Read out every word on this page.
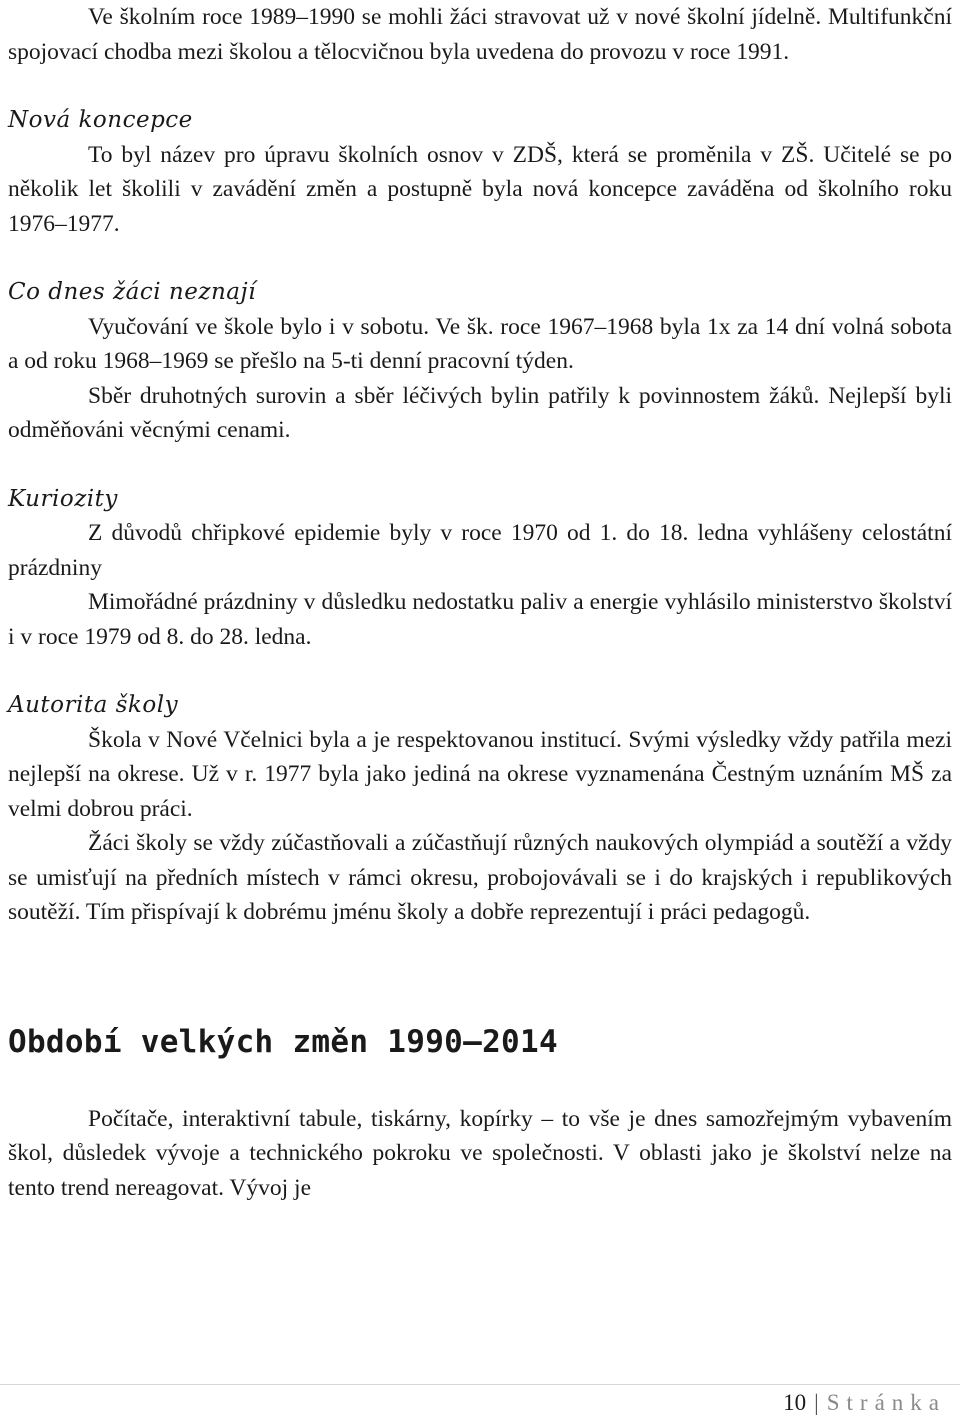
Ve školním roce 1989–1990 se mohli žáci stravovat už v nové školní jídelně. Multifunkční spojovací chodba mezi školou a tělocvičnou byla uvedena do provozu v roce 1991.

Nová koncepce

To byl název pro úpravu školních osnov v ZDŠ, která se proměnila v ZŠ. Učitelé se po několik let školili v zavádění změn a postupně byla nová koncepce zaváděna od školního roku 1976–1977.

Co dnes žáci neznají

Vyučování ve škole bylo i v sobotu. Ve šk. roce 1967–1968 byla 1x za 14 dní volná sobota a od roku 1968–1969 se přešlo na 5-ti denní pracovní týden.

Sběr druhotných surovin a sběr léčivých bylin patřily k povinnostem žáků. Nejlepší byli odměňováni věcnými cenami.

Kuriozity

Z důvodů chřipkové epidemie byly v roce 1970 od 1. do 18. ledna vyhlášeny celostátní prázdniny

Mimořádné prázdniny v důsledku nedostatku paliv a energie vyhlásilo ministerstvo školství i v roce 1979 od 8. do 28. ledna.

Autorita školy

Škola v Nové Včelnici byla a je respektovanou institucí. Svými výsledky vždy patřila mezi nejlepší na okrese. Už v r. 1977 byla jako jediná na okrese vyznamenána Čestným uznáním MŠ za velmi dobrou práci.

Žáci školy se vždy zúčastňovali a zúčastňují různých naukových olympiád a soutěží a vždy se umisťují na předních místech v rámci okresu, probojovávali se i do krajských i republikových soutěží. Tím přispívají k dobrému jménu školy a dobře reprezentují i práci pedagogů.

Období velkých změn 1990–2014

Počítače, interaktivní tabule, tiskárny, kopírky – to vše je dnes samozřejmým vybavením škol, důsledek vývoje a technického pokroku ve společnosti. V oblasti jako je školství nelze na tento trend nereagovat. Vývoj je

10 | Stránka
